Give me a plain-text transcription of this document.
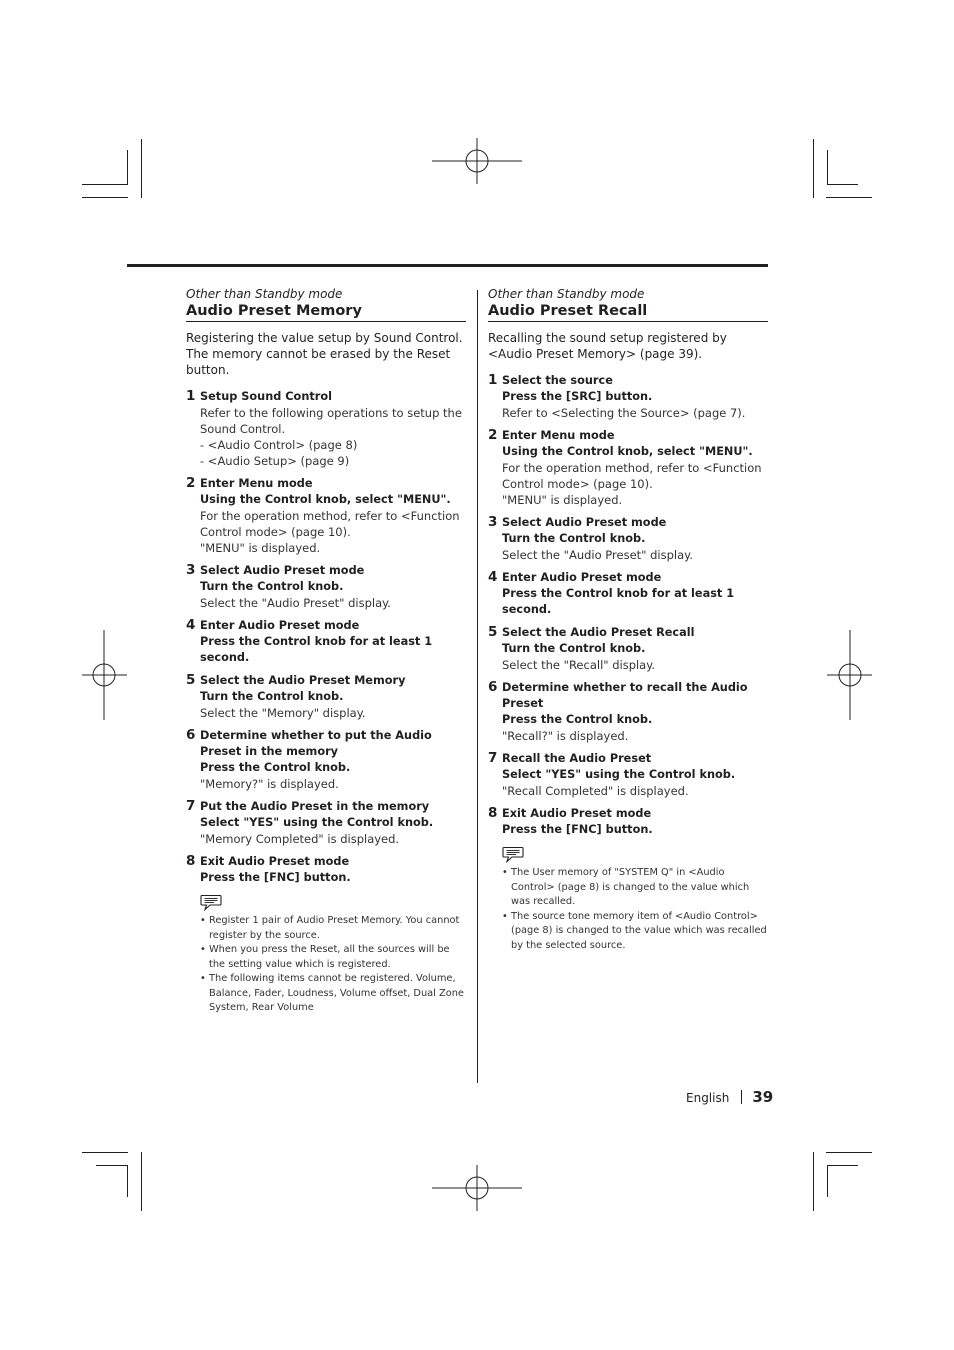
Other than Standby mode
Audio Preset Memory
Registering the value setup by Sound Control. The memory cannot be erased by the Reset button.
1 Setup Sound Control
Refer to the following operations to setup the Sound Control.
- <Audio Control> (page 8)
- <Audio Setup> (page 9)
2 Enter Menu mode
Using the Control knob, select "MENU".
For the operation method, refer to <Function Control mode> (page 10).
"MENU" is displayed.
3 Select Audio Preset mode
Turn the Control knob.
Select the "Audio Preset" display.
4 Enter Audio Preset mode
Press the Control knob for at least 1 second.
5 Select the Audio Preset Memory
Turn the Control knob.
Select the "Memory" display.
6 Determine whether to put the Audio Preset in the memory
Press the Control knob.
"Memory?" is displayed.
7 Put the Audio Preset in the memory
Select "YES" using the Control knob.
"Memory Completed" is displayed.
8 Exit Audio Preset mode
Press the [FNC] button.
• Register 1 pair of Audio Preset Memory. You cannot register by the source.
• When you press the Reset, all the sources will be the setting value which is registered.
• The following items cannot be registered. Volume, Balance, Fader, Loudness, Volume offset, Dual Zone System, Rear Volume
Other than Standby mode
Audio Preset Recall
Recalling the sound setup registered by <Audio Preset Memory> (page 39).
1 Select the source
Press the [SRC] button.
Refer to <Selecting the Source> (page 7).
2 Enter Menu mode
Using the Control knob, select "MENU".
For the operation method, refer to <Function Control mode> (page 10).
"MENU" is displayed.
3 Select Audio Preset mode
Turn the Control knob.
Select the "Audio Preset" display.
4 Enter Audio Preset mode
Press the Control knob for at least 1 second.
5 Select the Audio Preset Recall
Turn the Control knob.
Select the "Recall" display.
6 Determine whether to recall the Audio Preset
Press the Control knob.
"Recall?" is displayed.
7 Recall the Audio Preset
Select "YES" using the Control knob.
"Recall Completed" is displayed.
8 Exit Audio Preset mode
Press the [FNC] button.
• The User memory of "SYSTEM Q" in <Audio Control> (page 8) is changed to the value which was recalled.
• The source tone memory item of <Audio Control> (page 8) is changed to the value which was recalled by the selected source.
English 39
